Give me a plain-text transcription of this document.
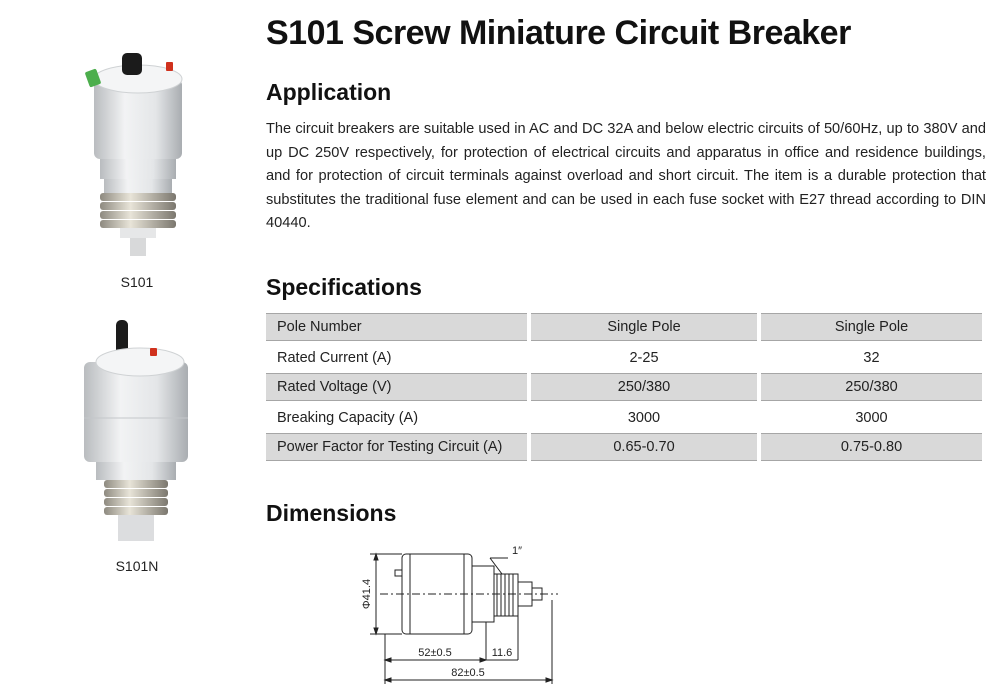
S101 Screw Miniature Circuit Breaker
S101
S101N
Application

The circuit breakers are suitable used in AC and DC 32A and below electric circuits of 50/60Hz, up to 380V and up DC 250V respectively, for protection of electrical circuits and apparatus in office and residence buildings, and for protection of circuit terminals against overload and short circuit. The item is a durable protection that substitutes the traditional fuse element and can be used in each fuse socket with E27 thread according to DIN 40440.

Specifications
Pole Number	Single Pole	Single Pole
Rated Current (A)	2-25	32
Rated Voltage (V)	250/380	250/380
Breaking Capacity (A)	3000	3000
Power Factor for Testing Circuit (A)	0.65-0.70	0.75-0.80
Dimensions
Φ41.4
1″
52±0.5	11.6
82±0.5
